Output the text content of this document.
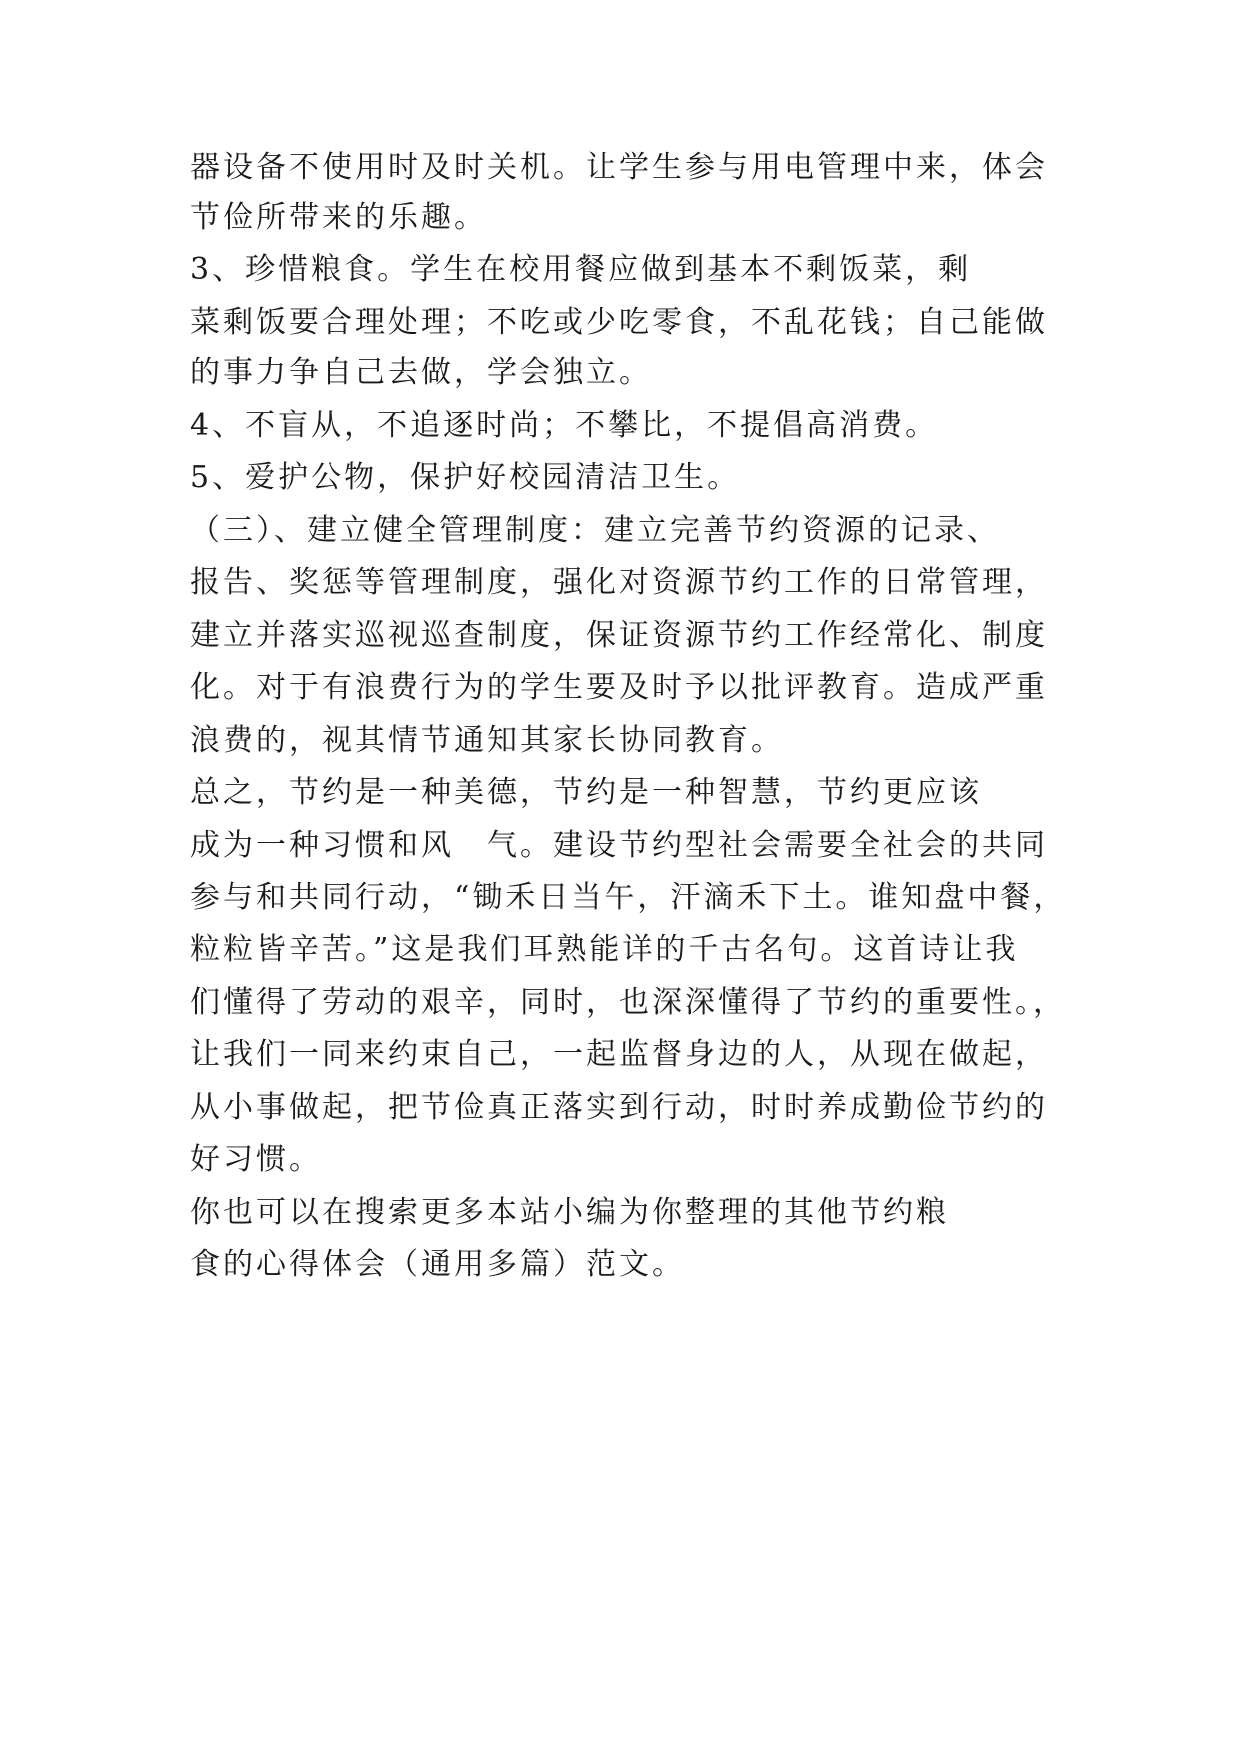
器设备不使用时及时关机。让学生参与用电管理中来，体会

节俭所带来的乐趣。

3、珍惜粮食。学生在校用餐应做到基本不剩饭菜，剩

菜剩饭要合理处理；不吃或少吃零食，不乱花钱；自己能做

的事力争自己去做，学会独立。

4、不盲从，不追逐时尚；不攀比，不提倡高消费。

5、爱护公物，保护好校园清洁卫生。

（三）、建立健全管理制度：建立完善节约资源的记录、

报告、奖惩等管理制度，强化对资源节约工作的日常管理，

建立并落实巡视巡查制度，保证资源节约工作经常化、制度

化。对于有浪费行为的学生要及时予以批评教育。造成严重

浪费的，视其情节通知其家长协同教育。

总之，节约是一种美德，节约是一种智慧，节约更应该

成为一种习惯和风　气。建设节约型社会需要全社会的共同

参与和共同行动，“锄禾日当午，汗滴禾下土。谁知盘中餐，

粒粒皆辛苦。”这是我们耳熟能详的千古名句。这首诗让我

们懂得了劳动的艰辛，同时，也深深懂得了节约的重要性。，

让我们一同来约束自己，一起监督身边的人，从现在做起，

从小事做起，把节俭真正落实到行动，时时养成勤俭节约的

好习惯。

你也可以在搜索更多本站小编为你整理的其他节约粮

食的心得体会（通用多篇）范文。
